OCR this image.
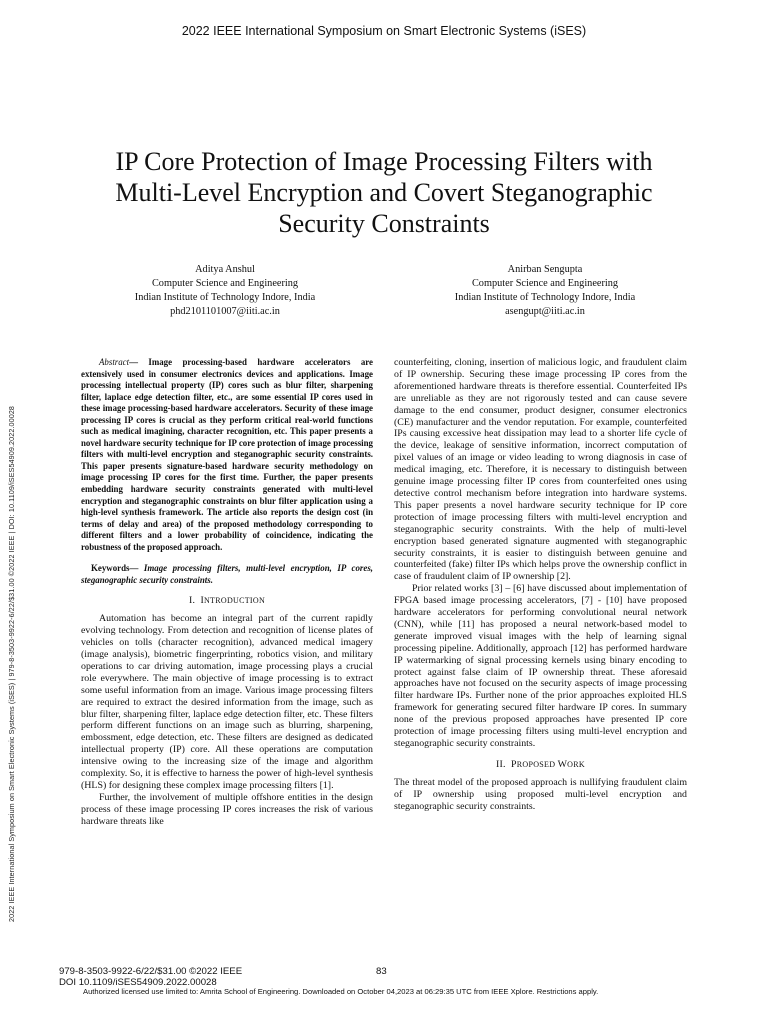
2022 IEEE International Symposium on Smart Electronic Systems (iSES)
2022 IEEE International Symposium on Smart Electronic Systems (iSES) | 979-8-3503-9922-6/22/$31.00 ©2022 IEEE | DOI: 10.1109/iSES54909.2022.00028
IP Core Protection of Image Processing Filters with
Multi-Level Encryption and Covert Steganographic
Security Constraints
Aditya Anshul
Computer Science and Engineering
Indian Institute of Technology Indore, India
phd2101101007@iiti.ac.in
Anirban Sengupta
Computer Science and Engineering
Indian Institute of Technology Indore, India
asengupt@iiti.ac.in

Abstract— Image processing-based hardware accelerators are extensively used in consumer electronics devices and applications. Image processing intellectual property (IP) cores such as blur filter, sharpening filter, laplace edge detection filter, etc., are some essential IP cores used in these image processing-based hardware accelerators. Security of these image processing IP cores is crucial as they perform critical real-world functions such as medical imagining, character recognition, etc. This paper presents a novel hardware security technique for IP core protection of image processing filters with multi-level encryption and steganographic security constraints. This paper presents signature-based hardware security methodology on image processing IP cores for the first time. Further, the paper presents embedding hardware security constraints generated with multi-level encryption and steganographic constraints on blur filter application using a high-level synthesis framework. The article also reports the design cost (in terms of delay and area) of the proposed methodology corresponding to different filters and a lower probability of coincidence, indicating the robustness of the proposed approach.

Keywords— Image processing filters, multi-level encryption, IP cores, steganographic security constraints.

I. INTRODUCTION

Automation has become an integral part of the current rapidly evolving technology. From detection and recognition of license plates of vehicles on tolls (character recognition), advanced medical imagery (image analysis), biometric fingerprinting, robotics vision, and military operations to car driving automation, image processing plays a crucial role everywhere. The main objective of image processing is to extract some useful information from an image. Various image processing filters are required to extract the desired information from the image, such as blur filter, sharpening filter, laplace edge detection filter, etc. These filters perform different functions on an image such as blurring, sharpening, embossment, edge detection, etc. These filters are designed as dedicated intellectual property (IP) core. All these operations are computation intensive owing to the increasing size of the image and algorithm complexity. So, it is effective to harness the power of high-level synthesis (HLS) for designing these complex image processing filters [1].

Further, the involvement of multiple offshore entities in the design process of these image processing IP cores increases the risk of various hardware threats like

counterfeiting, cloning, insertion of malicious logic, and fraudulent claim of IP ownership. Securing these image processing IP cores from the aforementioned hardware threats is therefore essential. Counterfeited IPs are unreliable as they are not rigorously tested and can cause severe damage to the end consumer, product designer, consumer electronics (CE) manufacturer and the vendor reputation. For example, counterfeited IPs causing excessive heat dissipation may lead to a shorter life cycle of the device, leakage of sensitive information, incorrect computation of pixel values of an image or video leading to wrong diagnosis in case of medical imaging, etc. Therefore, it is necessary to distinguish between genuine image processing filter IP cores from counterfeited ones using detective control mechanism before integration into hardware systems. This paper presents a novel hardware security technique for IP core protection of image processing filters with multi-level encryption and steganographic security constraints. With the help of multi-level encryption based generated signature augmented with steganographic security constraints, it is easier to distinguish between genuine and counterfeited (fake) filter IPs which helps prove the ownership conflict in case of fraudulent claim of IP ownership [2].

Prior related works [3] – [6] have discussed about implementation of FPGA based image processing accelerators, [7] - [10] have proposed hardware accelerators for performing convolutional neural network (CNN), while [11] has proposed a neural network-based model to generate improved visual images with the help of learning signal processing pipeline. Additionally, approach [12] has performed hardware IP watermarking of signal processing kernels using binary encoding to protect against false claim of IP ownership threat. These aforesaid approaches have not focused on the security aspects of image processing filter hardware IPs. Further none of the prior approaches exploited HLS framework for generating secured filter hardware IP cores. In summary none of the previous proposed approaches have presented IP core protection of image processing filters using multi-level encryption and steganographic security constraints.

II. PROPOSED WORK

The threat model of the proposed approach is nullifying fraudulent claim of IP ownership using proposed multi-level encryption and steganographic security constraints.

979-8-3503-9922-6/22/$31.00 ©2022 IEEE
DOI 10.1109/iSES54909.2022.00028
83
Authorized licensed use limited to: Amrita School of Engineering. Downloaded on October 04,2023 at 06:29:35 UTC from IEEE Xplore. Restrictions apply.
